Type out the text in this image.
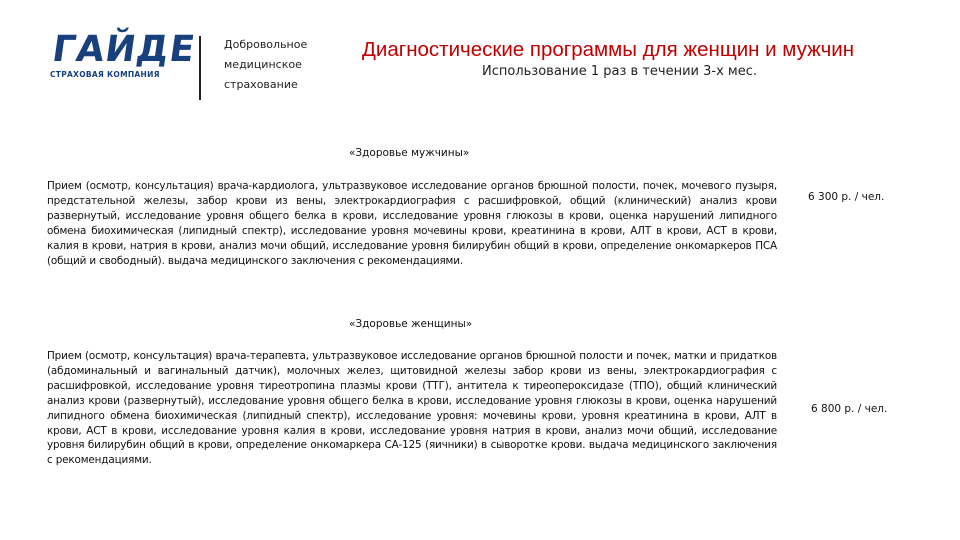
ГАЙДЕ
СТРАХОВАЯ КОМПАНИЯ
Добровольное
медицинское
страхование
Диагностические программы для женщин и мужчин
Использование 1 раз в течении 3-х мес.
«Здоровье мужчины»
Прием (осмотр, консультация) врача-кардиолога, ультразвуковое исследование органов брюшной полости, почек, мочевого пузыря, предстательной железы, забор крови из вены, электрокардиография с расшифровкой, общий (клинический) анализ крови развернутый, исследование уровня общего белка в крови, исследование уровня глюкозы в крови, оценка нарушений липидного обмена биохимическая (липидный спектр), исследование уровня мочевины крови, креатинина в крови, АЛТ в крови, АСТ в крови, калия в крови, натрия в крови, анализ мочи общий, исследование уровня билирубин общий в крови, определение онкомаркеров ПСА (общий и свободный). выдача медицинского заключения с рекомендациями.
6 300 р. / чел.
«Здоровье женщины»
Прием (осмотр, консультация) врача-терапевта, ультразвуковое исследование органов брюшной полости и почек, матки и придатков (абдоминальный и вагинальный датчик), молочных желез, щитовидной железы забор крови из вены, электрокардиография с расшифровкой, исследование уровня тиреотропина плазмы крови (ТТГ), антитела к тиреопероксидазе (ТПО), общий клинический анализ крови (развернутый), исследование уровня общего белка в крови, исследование уровня глюкозы в крови, оценка нарушений липидного обмена биохимическая (липидный спектр), исследование уровня: мочевины крови, уровня креатинина в крови, АЛТ в крови, АСТ в крови, исследование уровня калия в крови, исследование уровня натрия в крови, анализ мочи общий, исследование уровня билирубин общий в крови, определение онкомаркера СА-125 (яичники) в сыворотке крови. выдача медицинского заключения с рекомендациями.
6 800 р. / чел.
